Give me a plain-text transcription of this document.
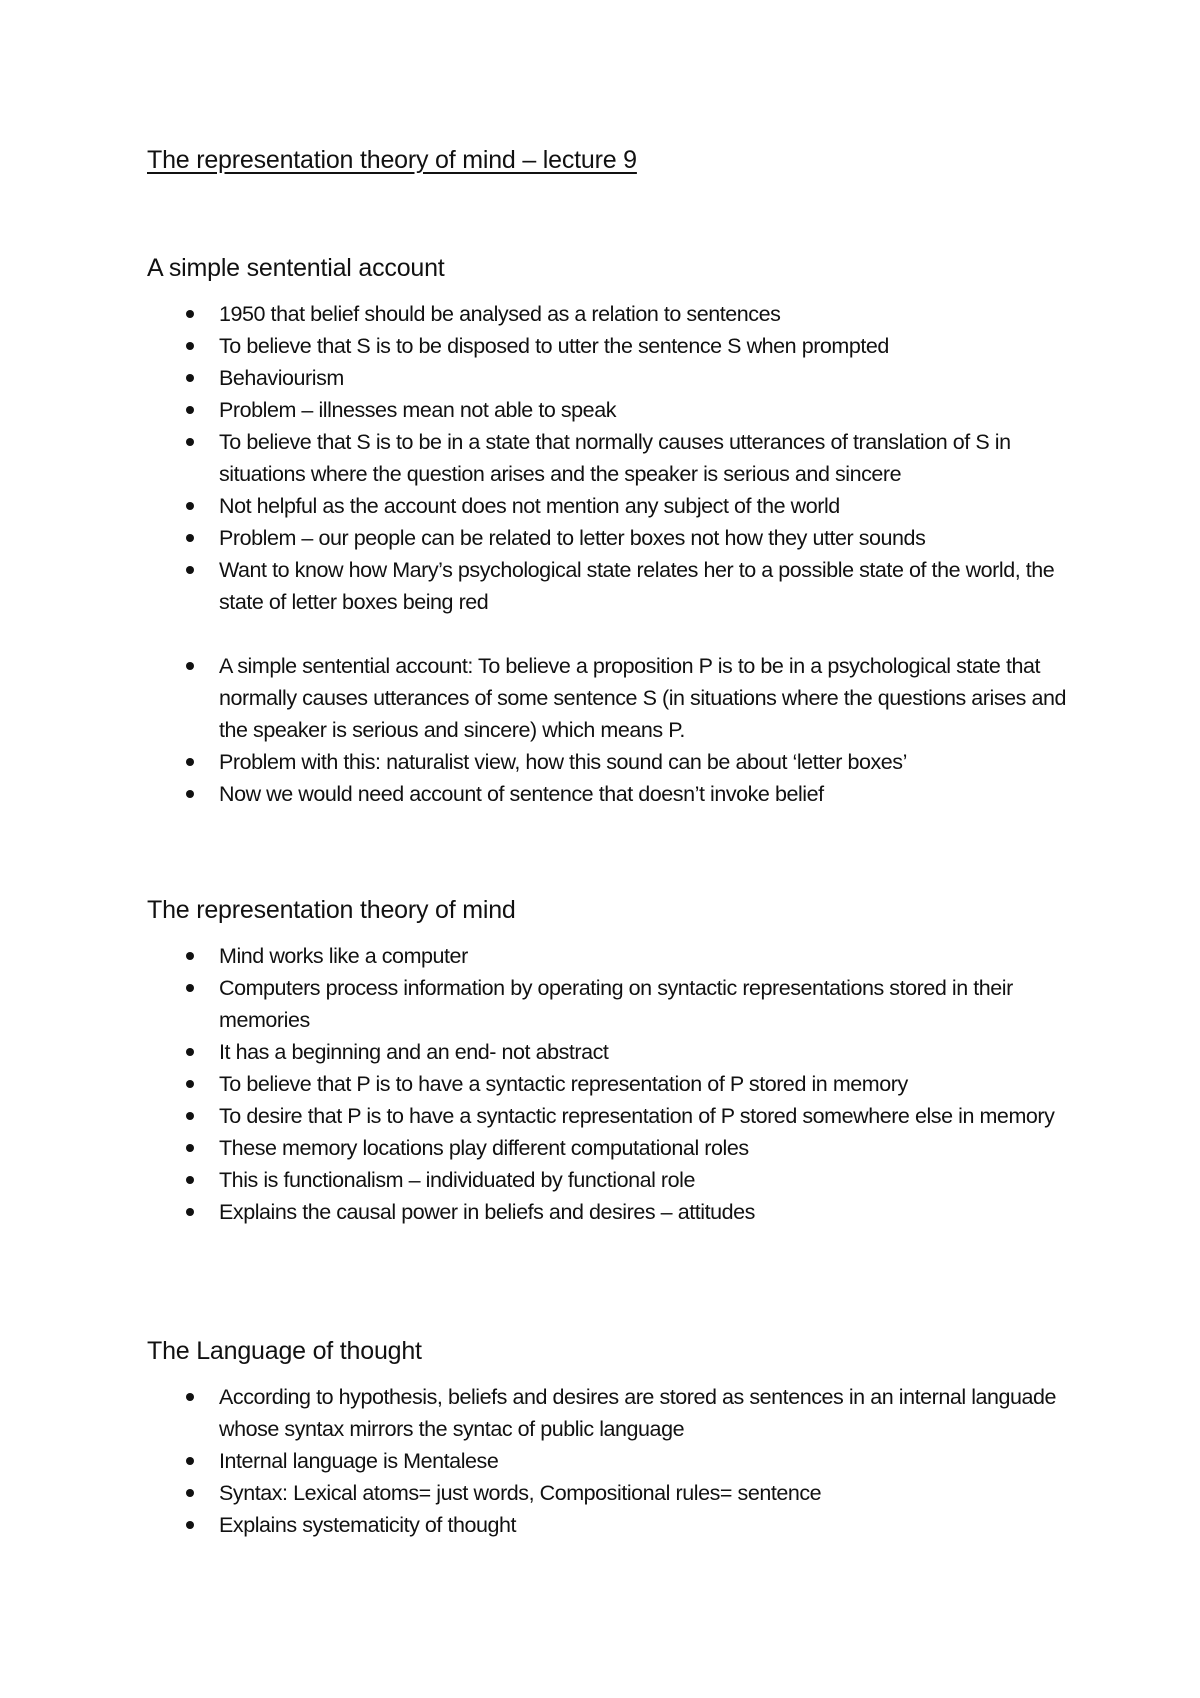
The representation theory of mind – lecture 9
A simple sentential account
1950 that belief should be analysed as a relation to sentences
To believe that S is to be disposed to utter the sentence S when prompted
Behaviourism
Problem – illnesses mean not able to speak
To believe that S is to be in a state that normally causes utterances of translation of S in situations where the question arises and the speaker is serious and sincere
Not helpful as the account does not mention any subject of the world
Problem – our people can be related to letter boxes not how they utter sounds
Want to know how Mary’s psychological state relates her to a possible state of the world, the state of letter boxes being red
A simple sentential account: To believe a proposition P is to be in a psychological state that normally causes utterances of some sentence S (in situations where the questions arises and the speaker is serious and sincere) which means P.
Problem with this: naturalist view, how this sound can be about ‘letter boxes’
Now we would need account of sentence that doesn’t invoke belief
The representation theory of mind
Mind works like a computer
Computers process information by operating on syntactic representations stored in their memories
It has a beginning and an end- not abstract
To believe that P is to have a syntactic representation of P stored in memory
To desire that P is to have a syntactic representation of P stored somewhere else in memory
These memory locations play different computational roles
This is functionalism – individuated by functional role
Explains the causal power in beliefs and desires – attitudes
The Language of thought
According to hypothesis, beliefs and desires are stored as sentences in an internal languade whose syntax mirrors the syntac of public language
Internal language is Mentalese
Syntax: Lexical atoms= just words, Compositional rules= sentence
Explains systematicity of thought
